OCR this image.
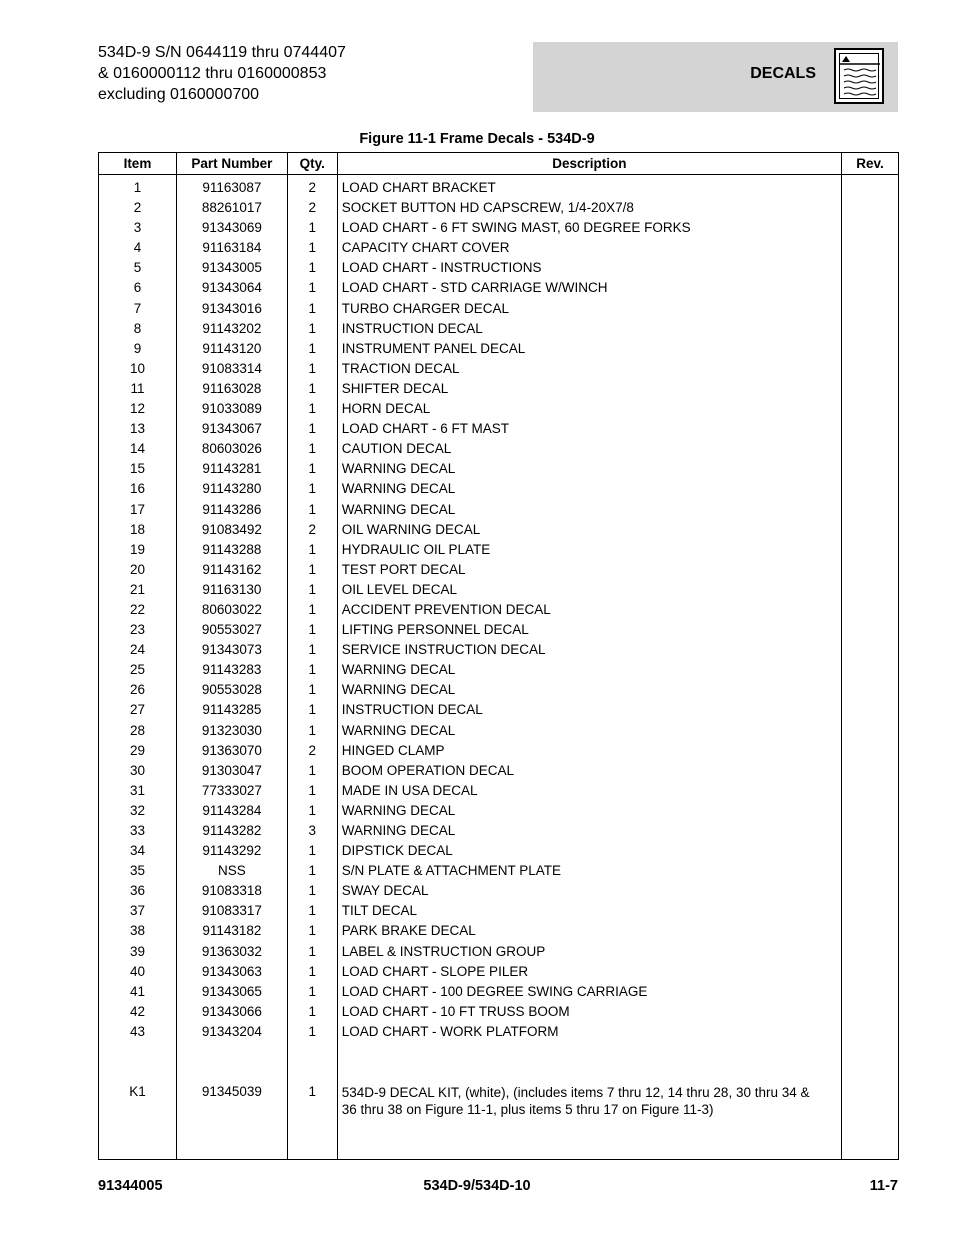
534D-9 S/N 0644119 thru 0744407
& 0160000112 thru 0160000853
excluding 0160000700
DECALS
Figure 11-1 Frame Decals - 534D-9
Item	Part Number	Qty.	Description	Rev.
1	91163087	2	LOAD CHART BRACKET	
2	88261017	2	SOCKET BUTTON HD CAPSCREW, 1/4-20X7/8	
3	91343069	1	LOAD CHART - 6 FT SWING MAST, 60 DEGREE FORKS	
4	91163184	1	CAPACITY CHART COVER	
5	91343005	1	LOAD CHART - INSTRUCTIONS	
6	91343064	1	LOAD CHART - STD CARRIAGE W/WINCH	
7	91343016	1	TURBO CHARGER DECAL	
8	91143202	1	INSTRUCTION DECAL	
9	91143120	1	INSTRUMENT PANEL DECAL	
10	91083314	1	TRACTION DECAL	
11	91163028	1	SHIFTER DECAL	
12	91033089	1	HORN DECAL	
13	91343067	1	LOAD CHART - 6 FT MAST	
14	80603026	1	CAUTION DECAL	
15	91143281	1	WARNING DECAL	
16	91143280	1	WARNING DECAL	
17	91143286	1	WARNING DECAL	
18	91083492	2	OIL WARNING DECAL	
19	91143288	1	HYDRAULIC OIL PLATE	
20	91143162	1	TEST PORT DECAL	
21	91163130	1	OIL LEVEL DECAL	
22	80603022	1	ACCIDENT PREVENTION DECAL	
23	90553027	1	LIFTING PERSONNEL DECAL	
24	91343073	1	SERVICE INSTRUCTION DECAL	
25	91143283	1	WARNING DECAL	
26	90553028	1	WARNING DECAL	
27	91143285	1	INSTRUCTION DECAL	
28	91323030	1	WARNING DECAL	
29	91363070	2	HINGED CLAMP	
30	91303047	1	BOOM OPERATION DECAL	
31	77333027	1	MADE IN USA DECAL	
32	91143284	1	WARNING DECAL	
33	91143282	3	WARNING DECAL	
34	91143292	1	DIPSTICK DECAL	
35	NSS	1	S/N PLATE & ATTACHMENT PLATE	
36	91083318	1	SWAY DECAL	
37	91083317	1	TILT DECAL	
38	91143182	1	PARK BRAKE DECAL	
39	91363032	1	LABEL & INSTRUCTION GROUP	
40	91343063	1	LOAD CHART - SLOPE PILER	
41	91343065	1	LOAD CHART - 100 DEGREE SWING CARRIAGE	
42	91343066	1	LOAD CHART - 10 FT TRUSS BOOM	
43	91343204	1	LOAD CHART - WORK PLATFORM	

K1	91345039	1	534D-9 DECAL KIT, (white), (includes items 7 thru 12, 14 thru 28, 30 thru 34 &
36 thru 38 on Figure 11-1, plus items 5 thru 17 on Figure 11-3)	

91344005	534D-9/534D-10	11-7
